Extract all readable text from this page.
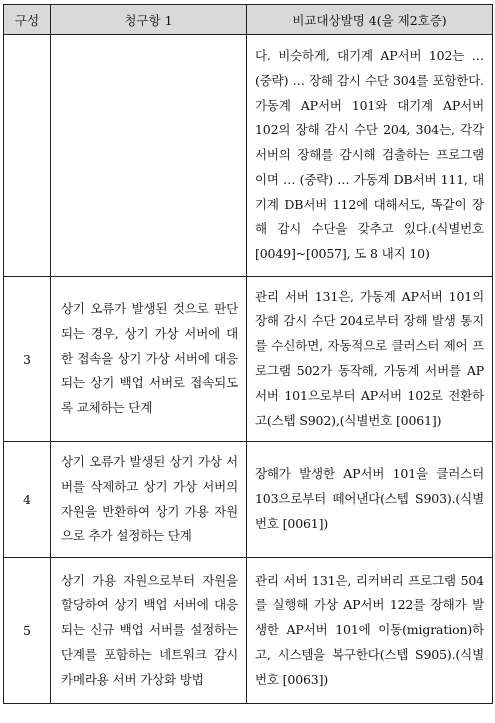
구성	청구항 1	비교대상발명 4(을 제2호증)
		다. 비슷하게, 대기계 AP서버 102는 … (중략) … 장해 감시 수단 304를 포함한다. 가동계 AP서버 101와 대기계 AP서버 102의 장해 감시 수단 204, 304는, 각각 서버의 장해를 감시해 검출하는 프로그램이며 … (중략) … 가동계 DB서버 111, 대기계 DB서버 112에 대해서도, 똑같이 장해 감시 수단을 갖추고 있다.(식별번호 [0049]~[0057], 도 8 내지 10)
3	상기 오류가 발생된 것으로 판단되는 경우, 상기 가상 서버에 대한 접속을 상기 가상 서버에 대응되는 상기 백업 서버로 접속되도록 교체하는 단계	관리 서버 131은, 가동계 AP서버 101의 장해 감시 수단 204로부터 장해 발생 통지를 수신하면, 자동적으로 클러스터 제어 프로그램 502가 동작해, 가동계 서버를 AP서버 101으로부터 AP서버 102로 전환하고(스텝 S902),(식별번호 [0061])
4	상기 오류가 발생된 상기 가상 서버를 삭제하고 상기 가상 서버의 자원을 반환하여 상기 가용 자원으로 추가 설정하는 단계	장해가 발생한 AP서버 101을 클러스터 103으로부터 떼어낸다(스텝 S903).(식별번호 [0061])
5	상기 가용 자원으로부터 자원을 할당하여 상기 백업 서버에 대응되는 신규 백업 서버를 설정하는 단계를 포함하는 네트워크 감시 카메라용 서버 가상화 방법	관리 서버 131은, 리커버리 프로그램 504를 실행해 가상 AP서버 122를 장해가 발생한 AP서버 101에 이동(migration)하고, 시스템을 복구한다(스텝 S905).(식별번호 [0063])
